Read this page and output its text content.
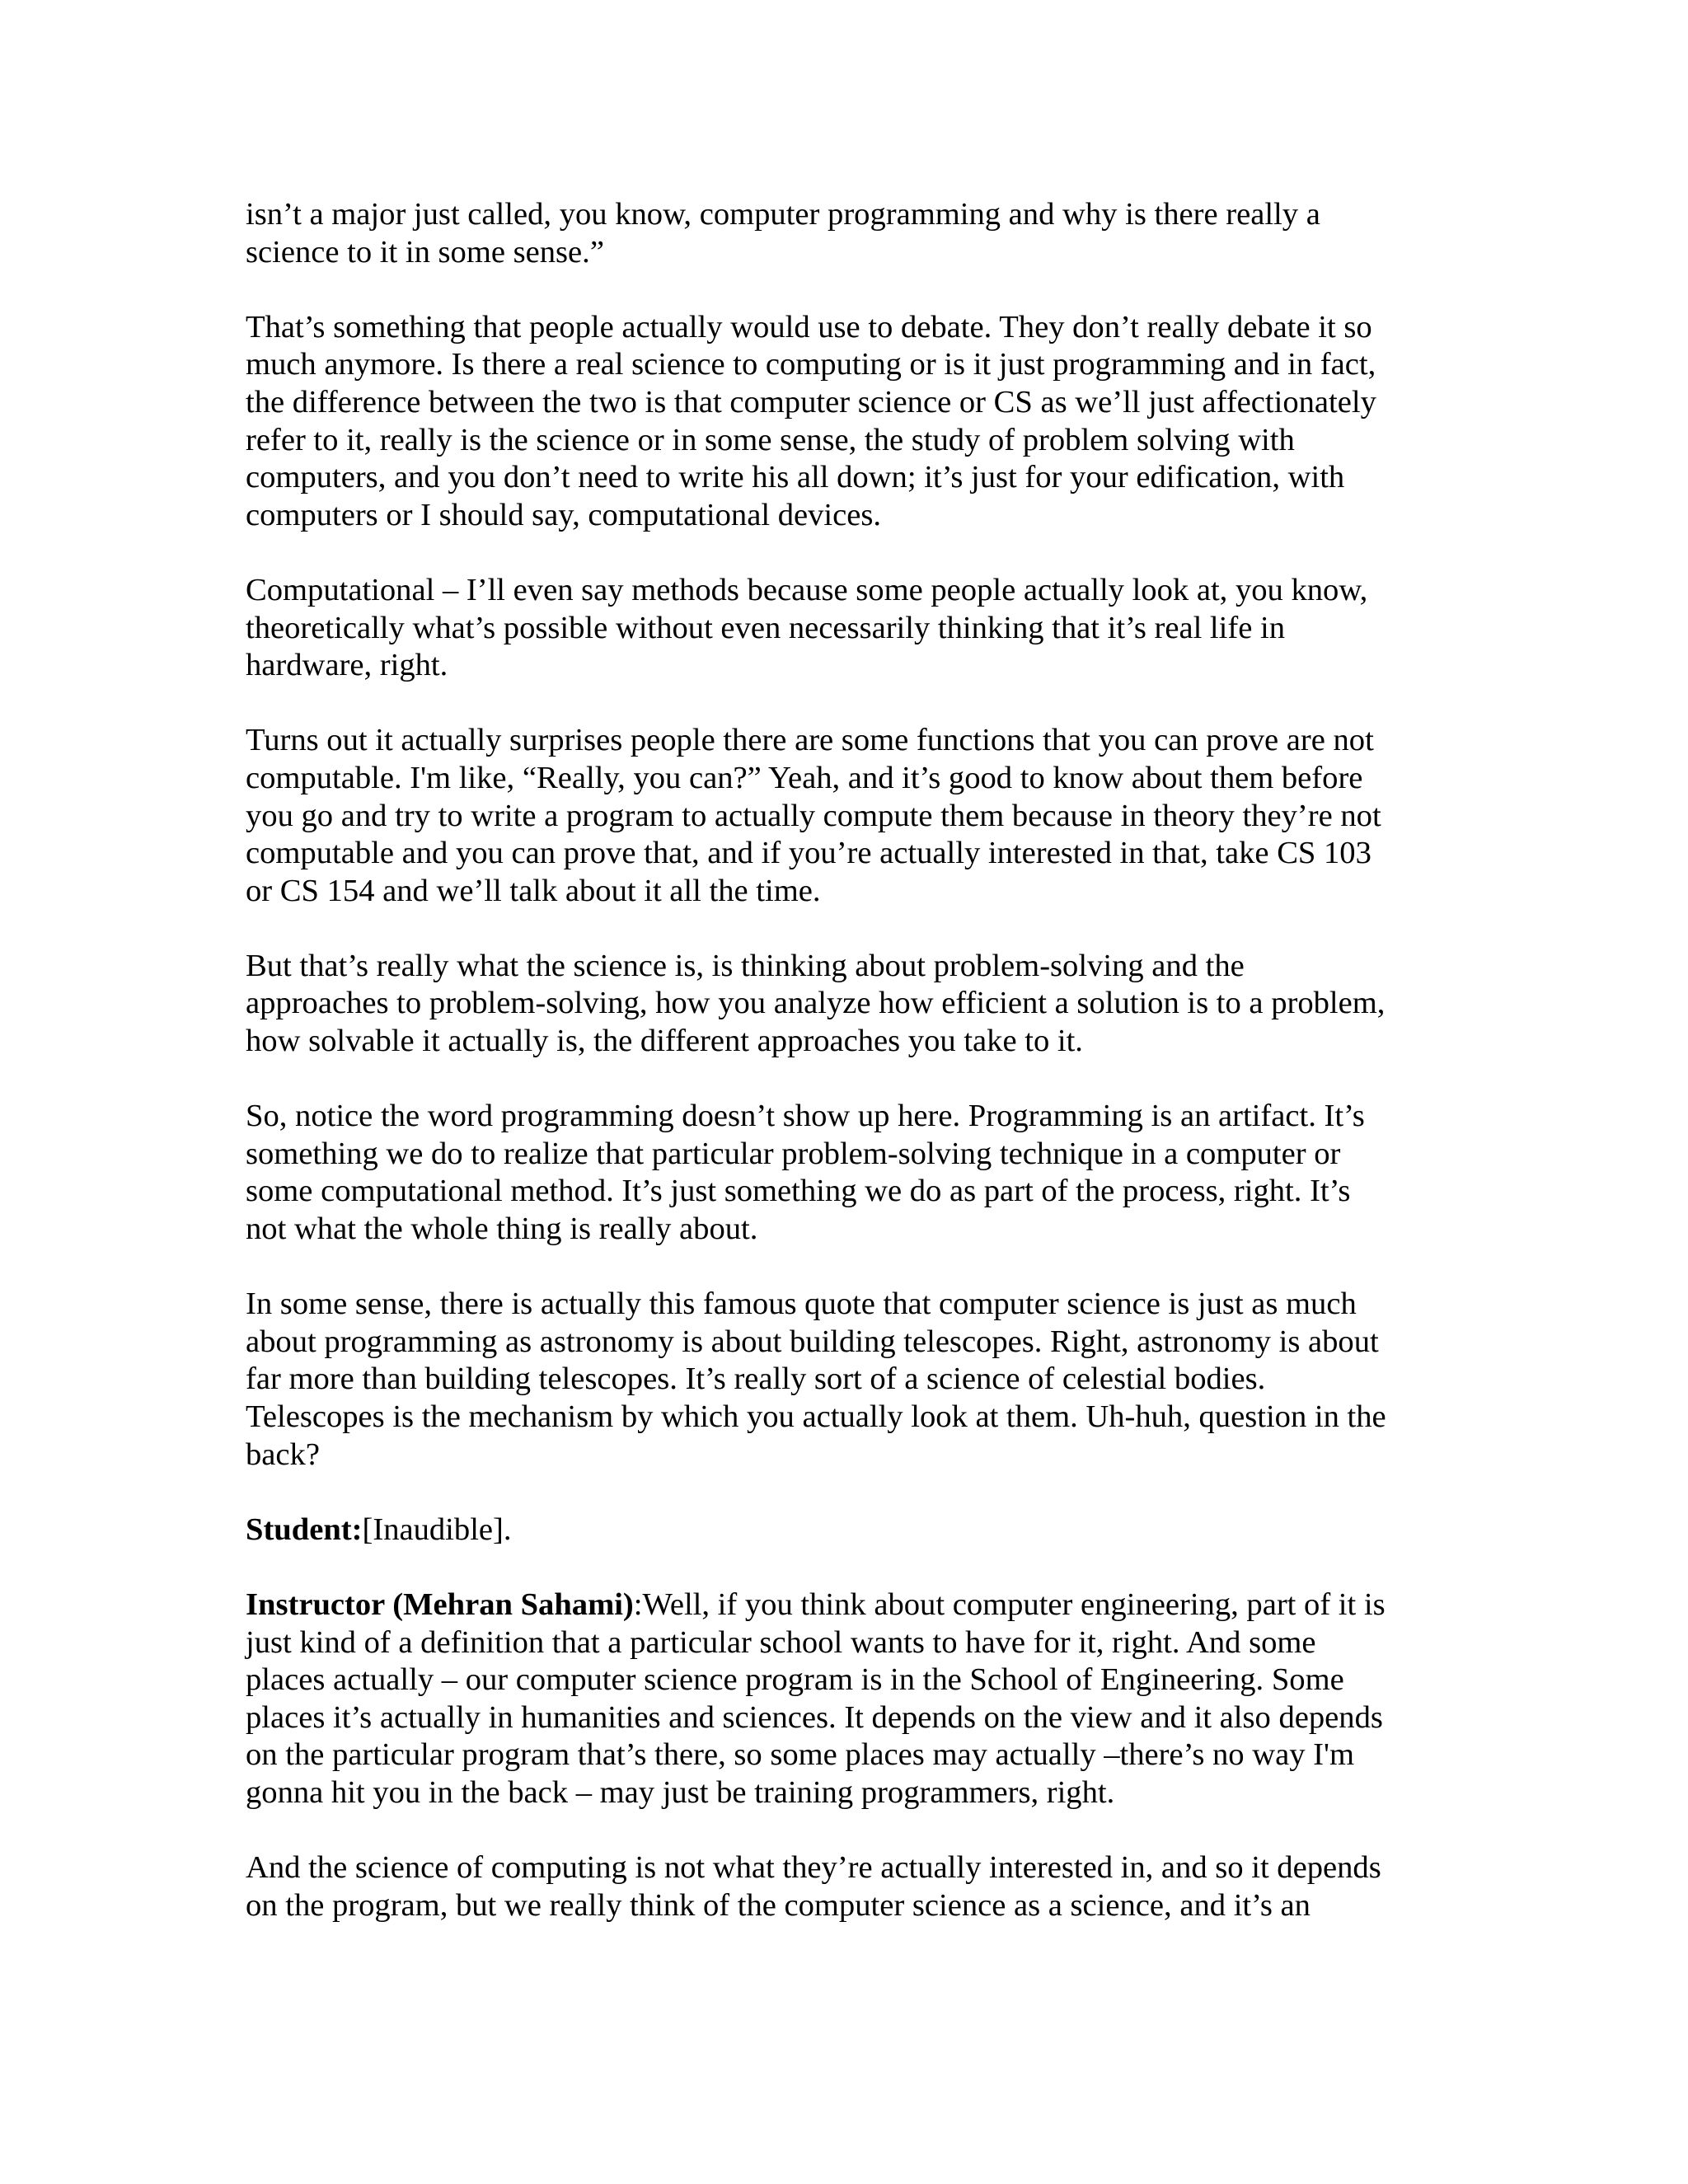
isn’t a major just called, you know, computer programming and why is there really a
science to it in some sense.”

That’s something that people actually would use to debate. They don’t really debate it so
much anymore. Is there a real science to computing or is it just programming and in fact,
the difference between the two is that computer science or CS as we’ll just affectionately
refer to it, really is the science or in some sense, the study of problem solving with
computers, and you don’t need to write his all down; it’s just for your edification, with
computers or I should say, computational devices.

Computational – I’ll even say methods because some people actually look at, you know,
theoretically what’s possible without even necessarily thinking that it’s real life in
hardware, right.

Turns out it actually surprises people there are some functions that you can prove are not
computable. I'm like, “Really, you can?” Yeah, and it’s good to know about them before
you go and try to write a program to actually compute them because in theory they’re not
computable and you can prove that, and if you’re actually interested in that, take CS 103
or CS 154 and we’ll talk about it all the time.

But that’s really what the science is, is thinking about problem-solving and the
approaches to problem-solving, how you analyze how efficient a solution is to a problem,
how solvable it actually is, the different approaches you take to it.

So, notice the word programming doesn’t show up here. Programming is an artifact. It’s
something we do to realize that particular problem-solving technique in a computer or
some computational method. It’s just something we do as part of the process, right. It’s
not what the whole thing is really about.

In some sense, there is actually this famous quote that computer science is just as much
about programming as astronomy is about building telescopes. Right, astronomy is about
far more than building telescopes. It’s really sort of a science of celestial bodies.
Telescopes is the mechanism by which you actually look at them. Uh-huh, question in the
back?

Student:[Inaudible].

Instructor (Mehran Sahami):Well, if you think about computer engineering, part of it is
just kind of a definition that a particular school wants to have for it, right. And some
places actually – our computer science program is in the School of Engineering. Some
places it’s actually in humanities and sciences. It depends on the view and it also depends
on the particular program that’s there, so some places may actually –there’s no way I'm
gonna hit you in the back – may just be training programmers, right.

And the science of computing is not what they’re actually interested in, and so it depends
on the program, but we really think of the computer science as a science, and it’s an
